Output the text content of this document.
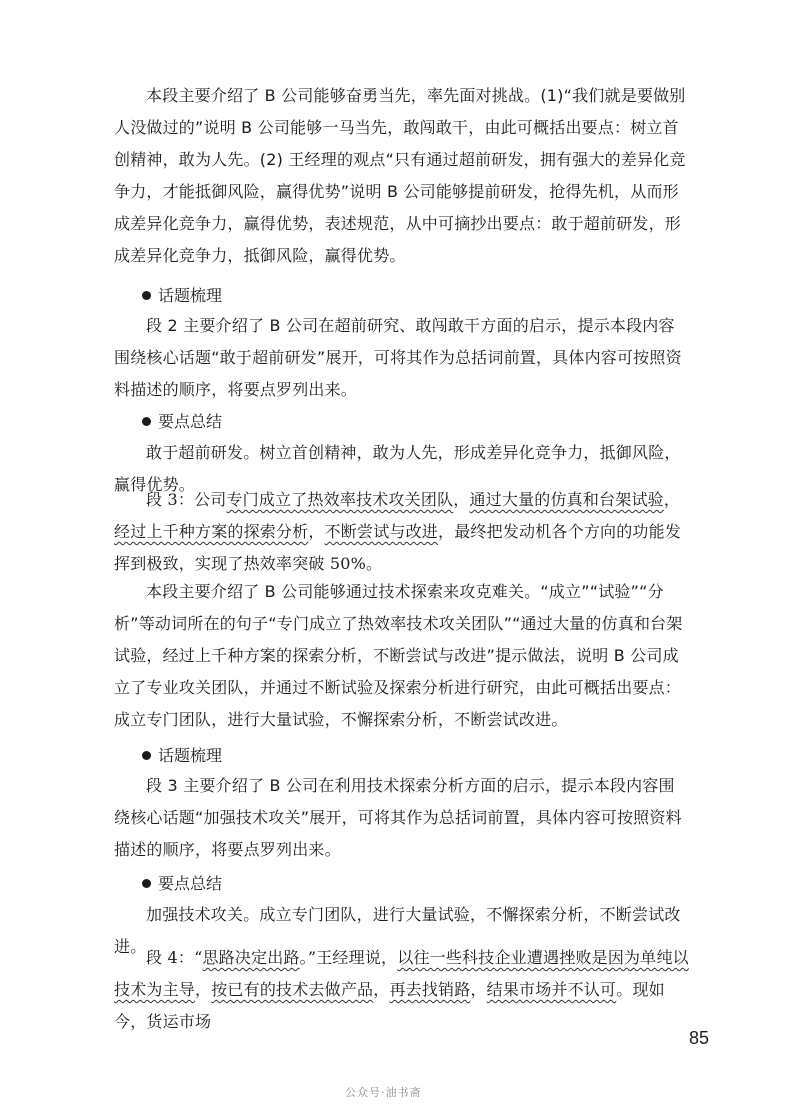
本段主要介绍了 B 公司能够奋勇当先，率先面对挑战。(1)“我们就是要做别人没做过的”说明 B 公司能够一马当先，敢闯敢干，由此可概括出要点：树立首创精神，敢为人先。(2) 王经理的观点“只有通过超前研发，拥有强大的差异化竞争力，才能抵御风险，赢得优势”说明 B 公司能够提前研发，抢得先机，从而形成差异化竞争力，赢得优势，表述规范，从中可摘抄出要点：敢于超前研发，形成差异化竞争力，抵御风险，赢得优势。
话题梳理
段 2 主要介绍了 B 公司在超前研究、敢闯敢干方面的启示，提示本段内容围绕核心话题“敢于超前研发”展开，可将其作为总括词前置，具体内容可按照资料描述的顺序，将要点罗列出来。
要点总结
敢于超前研发。树立首创精神，敢为人先，形成差异化竞争力，抵御风险，赢得优势。
段 3：公司专门成立了热效率技术攻关团队，通过大量的仿真和台架试验，经过上千种方案的探索分析，不断尝试与改进，最终把发动机各个方向的功能发挥到极致，实现了热效率突破 50%。
本段主要介绍了 B 公司能够通过技术探索来攻克难关。“成立”“试验”“分析”等动词所在的句子“专门成立了热效率技术攻关团队”“通过大量的仿真和台架试验，经过上千种方案的探索分析，不断尝试与改进”提示做法，说明 B 公司成立了专业攻关团队，并通过不断试验及探索分析进行研究，由此可概括出要点：成立专门团队，进行大量试验，不懈探索分析，不断尝试改进。
话题梳理
段 3 主要介绍了 B 公司在利用技术探索分析方面的启示，提示本段内容围绕核心话题“加强技术攻关”展开，可将其作为总括词前置，具体内容可按照资料描述的顺序，将要点罗列出来。
要点总结
加强技术攻关。成立专门团队，进行大量试验，不懈探索分析，不断尝试改进。
段 4：“思路决定出路。”王经理说，以往一些科技企业遭遇挫败是因为单纯以技术为主导，按已有的技术去做产品，再去找销路，结果市场并不认可。现如今，货运市场
85
公众号·油书斋
